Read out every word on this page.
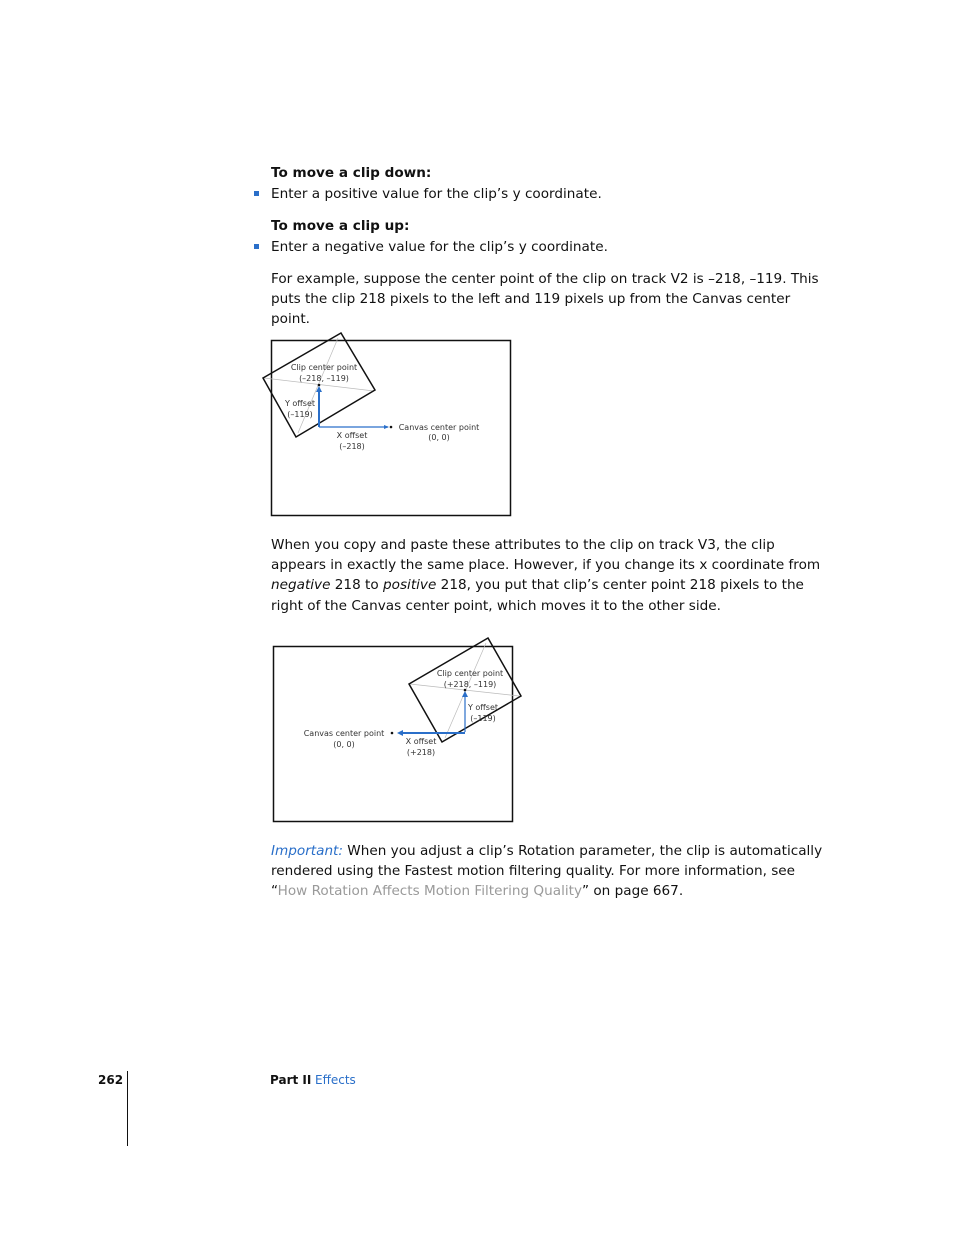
To move a clip down:
Enter a positive value for the clip’s y coordinate.
To move a clip up:
Enter a negative value for the clip’s y coordinate.
For example, suppose the center point of the clip on track V2 is –218, –119. This puts the clip 218 pixels to the left and 119 pixels up from the Canvas center point.
Clip center point
(–218, –119)
Y offset
(–119)
X offset
(–218)
Canvas center point
(0, 0)
Clip center point
(+218, –119)
Y offset
(–119)
X offset
(+218)
Canvas center point
(0, 0)
When you copy and paste these attributes to the clip on track V3, the clip appears in exactly the same place. However, if you change its x coordinate from negative 218 to positive 218, you put that clip’s center point 218 pixels to the right of the Canvas center point, which moves it to the other side.
Important: When you adjust a clip’s Rotation parameter, the clip is automatically rendered using the Fastest motion filtering quality. For more information, see “How Rotation Affects Motion Filtering Quality” on page 667.
262	Part II Effects
